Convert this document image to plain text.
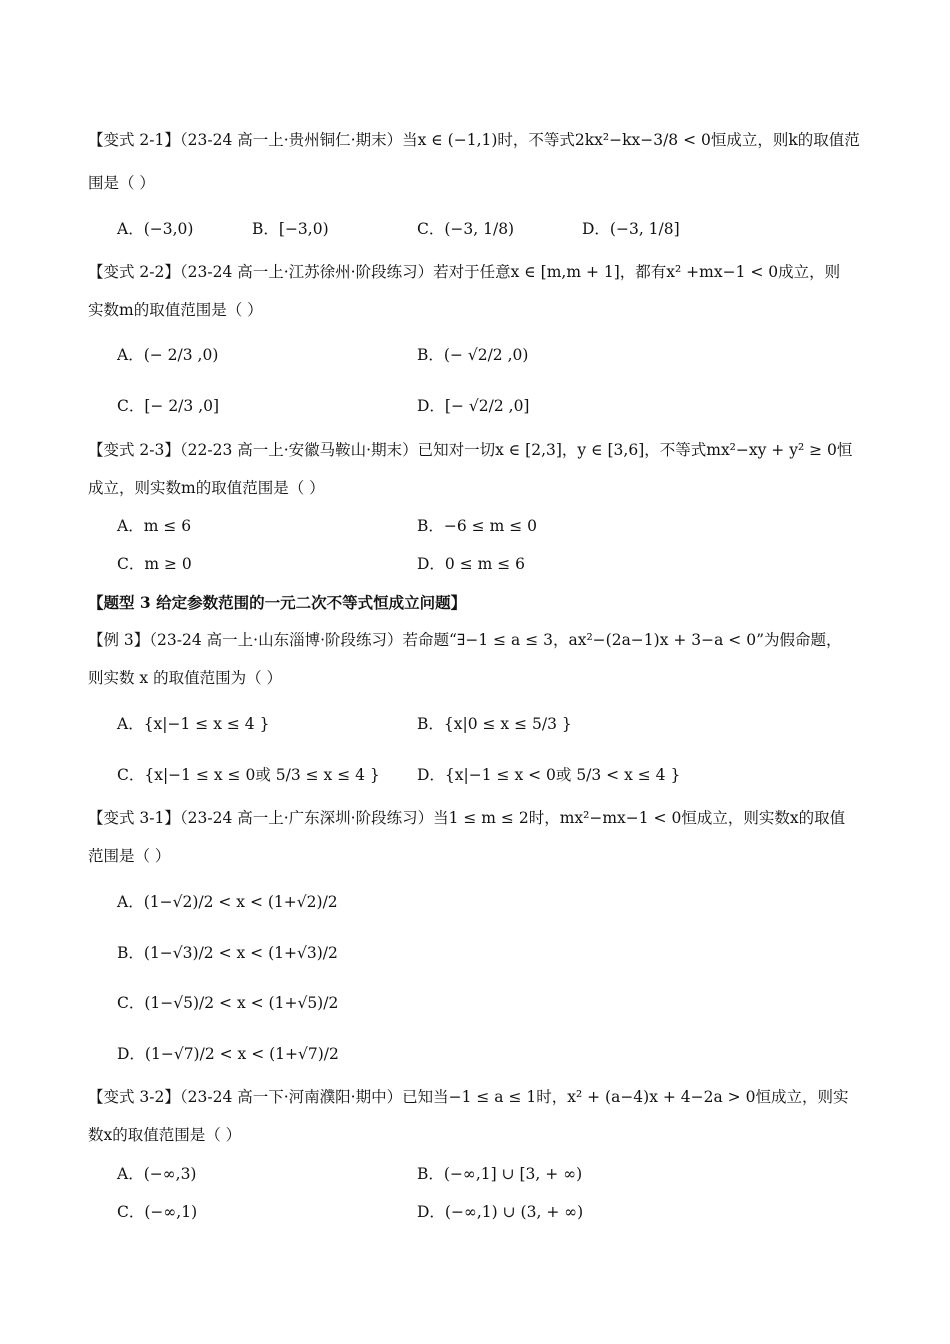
【变式 2-1】（23-24 高一上·贵州铜仁·期末）当x ∈ (−1,1)时，不等式2kx²−kx−3/8 < 0恒成立，则k的取值范
围是（ ）
A．(−3,0)	B．[−3,0)	C．(−3, 1/8)	D．(−3, 1/8]
【变式 2-2】（23-24 高一上·江苏徐州·阶段练习）若对于任意x ∈ [m,m + 1]，都有x² +mx−1 < 0成立，则
实数m的取值范围是（ ）
A．(− 2/3 ,0)	B．(− √2/2 ,0)
C．[− 2/3 ,0]	D．[− √2/2 ,0]
【变式 2-3】（22-23 高一上·安徽马鞍山·期末）已知对一切x ∈ [2,3]，y ∈ [3,6]，不等式mx²−xy + y² ≥ 0恒
成立，则实数m的取值范围是（ ）
A．m ≤ 6	B．−6 ≤ m ≤ 0
C．m ≥ 0	D．0 ≤ m ≤ 6
【题型 3 给定参数范围的一元二次不等式恒成立问题】
【例 3】（23-24 高一上·山东淄博·阶段练习）若命题“∃−1 ≤ a ≤ 3，ax²−(2a−1)x + 3−a < 0”为假命题，
则实数 x 的取值范围为（ ）
A．{x|−1 ≤ x ≤ 4 }	B．{x|0 ≤ x ≤ 5/3 }
C．{x|−1 ≤ x ≤ 0或 5/3 ≤ x ≤ 4 } D．{x|−1 ≤ x < 0或 5/3 < x ≤ 4 }
【变式 3-1】（23-24 高一上·广东深圳·阶段练习）当1 ≤ m ≤ 2时，mx²−mx−1 < 0恒成立，则实数x的取值
范围是（ ）
A．(1−√2)/2 < x < (1+√2)/2
B．(1−√3)/2 < x < (1+√3)/2
C．(1−√5)/2 < x < (1+√5)/2
D．(1−√7)/2 < x < (1+√7)/2
【变式 3-2】（23-24 高一下·河南濮阳·期中）已知当−1 ≤ a ≤ 1时，x² + (a−4)x + 4−2a > 0恒成立，则实
数x的取值范围是（ ）
A．(−∞,3)	B．(−∞,1] ∪ [3, + ∞)
C．(−∞,1)	D．(−∞,1) ∪ (3, + ∞)
